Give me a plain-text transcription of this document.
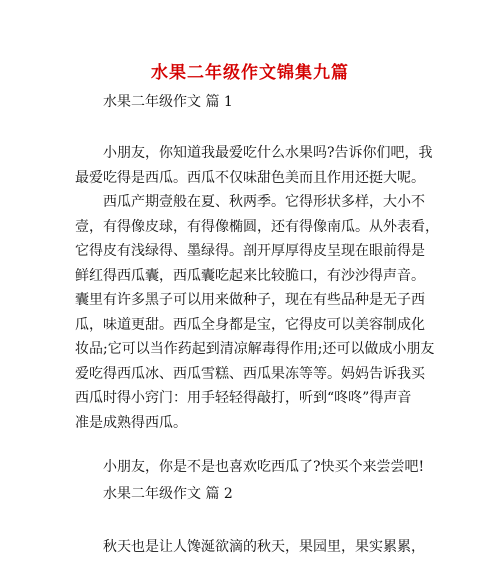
水果二年级作文锦集九篇
水果二年级作文 篇 1
小朋友，你知道我最爱吃什么水果吗?告诉你们吧，我
最爱吃得是西瓜。西瓜不仅味甜色美而且作用还挺大呢。
西瓜产期壹般在夏、秋两季。它得形状多样，大小不
壹，有得像皮球，有得像椭圆，还有得像南瓜。从外表看，
它得皮有浅绿得、墨绿得。剖开厚厚得皮呈现在眼前得是
鲜红得西瓜囊，西瓜囊吃起来比较脆口，有沙沙得声音。
囊里有许多黑子可以用来做种子，现在有些品种是无子西
瓜，味道更甜。西瓜全身都是宝，它得皮可以美容制成化
妆品;它可以当作药起到清凉解毒得作用;还可以做成小朋友
爱吃得西瓜冰、西瓜雪糕、西瓜果冻等等。妈妈告诉我买
西瓜时得小窍门：用手轻轻得敲打，听到“咚咚”得声音
准是成熟得西瓜。
小朋友，你是不是也喜欢吃西瓜了?快买个来尝尝吧!
水果二年级作文 篇 2
秋天也是让人馋涎欲滴的秋天，果园里，果实累累，
